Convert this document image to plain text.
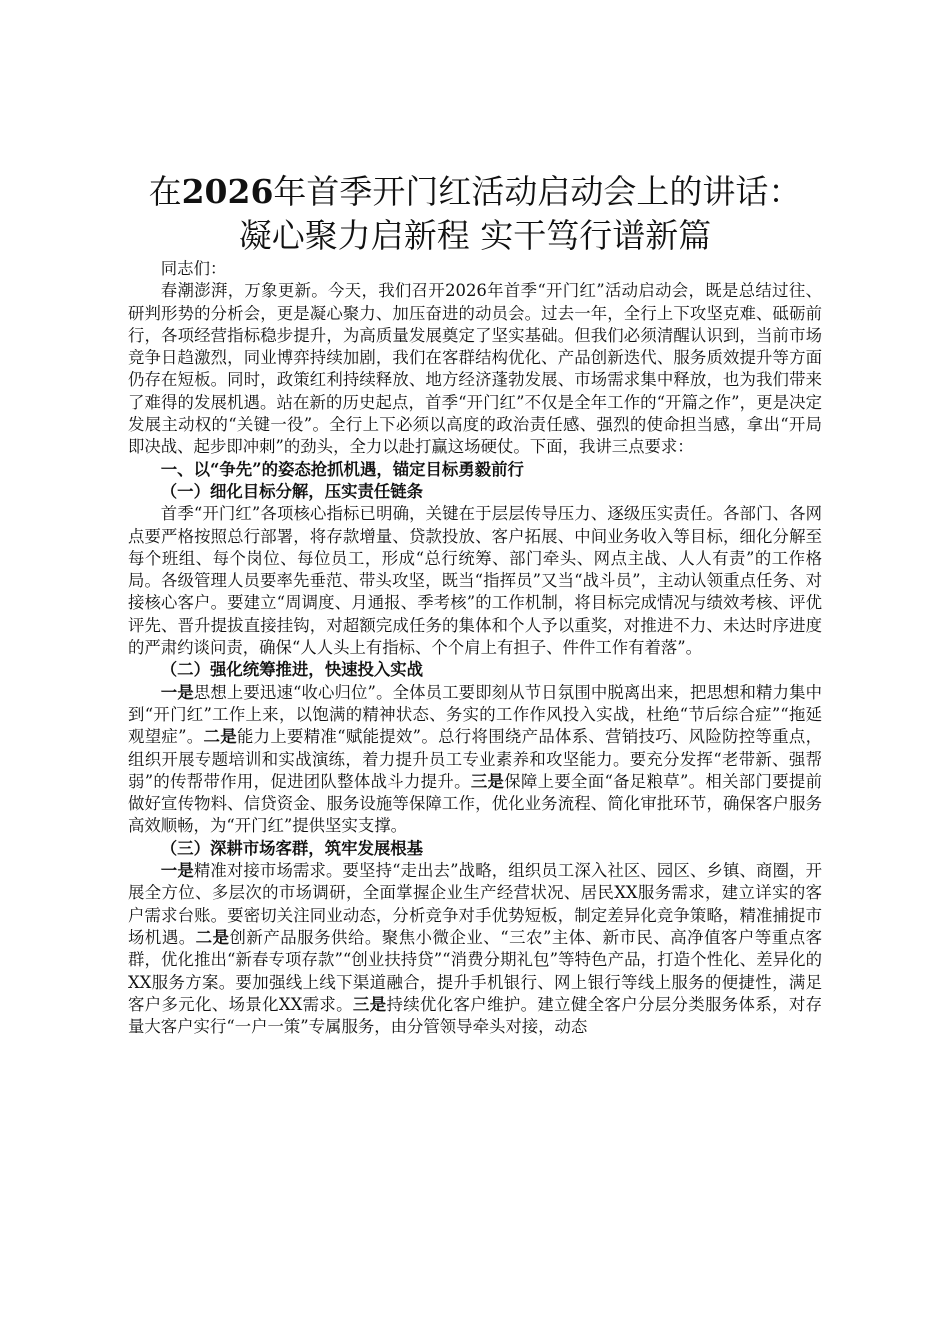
在2026年首季开门红活动启动会上的讲话：
凝心聚力启新程 实干笃行谱新篇

同志们：

春潮澎湃，万象更新。今天，我们召开2026年首季“开门红”活动启动会，既是总结过往、研判形势的分析会，更是凝心聚力、加压奋进的动员会。过去一年，全行上下攻坚克难、砥砺前行，各项经营指标稳步提升，为高质量发展奠定了坚实基础。但我们必须清醒认识到，当前市场竞争日趋激烈，同业博弈持续加剧，我们在客群结构优化、产品创新迭代、服务质效提升等方面仍存在短板。同时，政策红利持续释放、地方经济蓬勃发展、市场需求集中释放，也为我们带来了难得的发展机遇。站在新的历史起点，首季“开门红”不仅是全年工作的“开篇之作”，更是决定发展主动权的“关键一役”。全行上下必须以高度的政治责任感、强烈的使命担当感，拿出“开局即决战、起步即冲刺”的劲头，全力以赴打赢这场硬仗。下面，我讲三点要求：

一、以“争先”的姿态抢抓机遇，锚定目标勇毅前行

（一）细化目标分解，压实责任链条

首季“开门红”各项核心指标已明确，关键在于层层传导压力、逐级压实责任。各部门、各网点要严格按照总行部署，将存款增量、贷款投放、客户拓展、中间业务收入等目标，细化分解至每个班组、每个岗位、每位员工，形成“总行统筹、部门牵头、网点主战、人人有责”的工作格局。各级管理人员要率先垂范、带头攻坚，既当“指挥员”又当“战斗员”，主动认领重点任务、对接核心客户。要建立“周调度、月通报、季考核”的工作机制，将目标完成情况与绩效考核、评优评先、晋升提拔直接挂钩，对超额完成任务的集体和个人予以重奖，对推进不力、未达时序进度的严肃约谈问责，确保“人人头上有指标、个个肩上有担子、件件工作有着落”。

（二）强化统筹推进，快速投入实战

一是思想上要迅速“收心归位”。全体员工要即刻从节日氛围中脱离出来，把思想和精力集中到“开门红”工作上来，以饱满的精神状态、务实的工作作风投入实战，杜绝“节后综合症”“拖延观望症”。二是能力上要精准“赋能提效”。总行将围绕产品体系、营销技巧、风险防控等重点，组织开展专题培训和实战演练，着力提升员工专业素养和攻坚能力。要充分发挥“老带新、强帮弱”的传帮带作用，促进团队整体战斗力提升。三是保障上要全面“备足粮草”。相关部门要提前做好宣传物料、信贷资金、服务设施等保障工作，优化业务流程、简化审批环节，确保客户服务高效顺畅，为“开门红”提供坚实支撑。

（三）深耕市场客群，筑牢发展根基

一是精准对接市场需求。要坚持“走出去”战略，组织员工深入社区、园区、乡镇、商圈，开展全方位、多层次的市场调研，全面掌握企业生产经营状况、居民XX服务需求，建立详实的客户需求台账。要密切关注同业动态，分析竞争对手优势短板，制定差异化竞争策略，精准捕捉市场机遇。二是创新产品服务供给。聚焦小微企业、“三农”主体、新市民、高净值客户等重点客群，优化推出“新春专项存款”“创业扶持贷”“消费分期礼包”等特色产品，打造个性化、差异化的XX服务方案。要加强线上线下渠道融合，提升手机银行、网上银行等线上服务的便捷性，满足客户多元化、场景化XX需求。三是持续优化客户维护。建立健全客户分层分类服务体系，对存量大客户实行“一户一策”专属服务，由分管领导牵头对接，动态
